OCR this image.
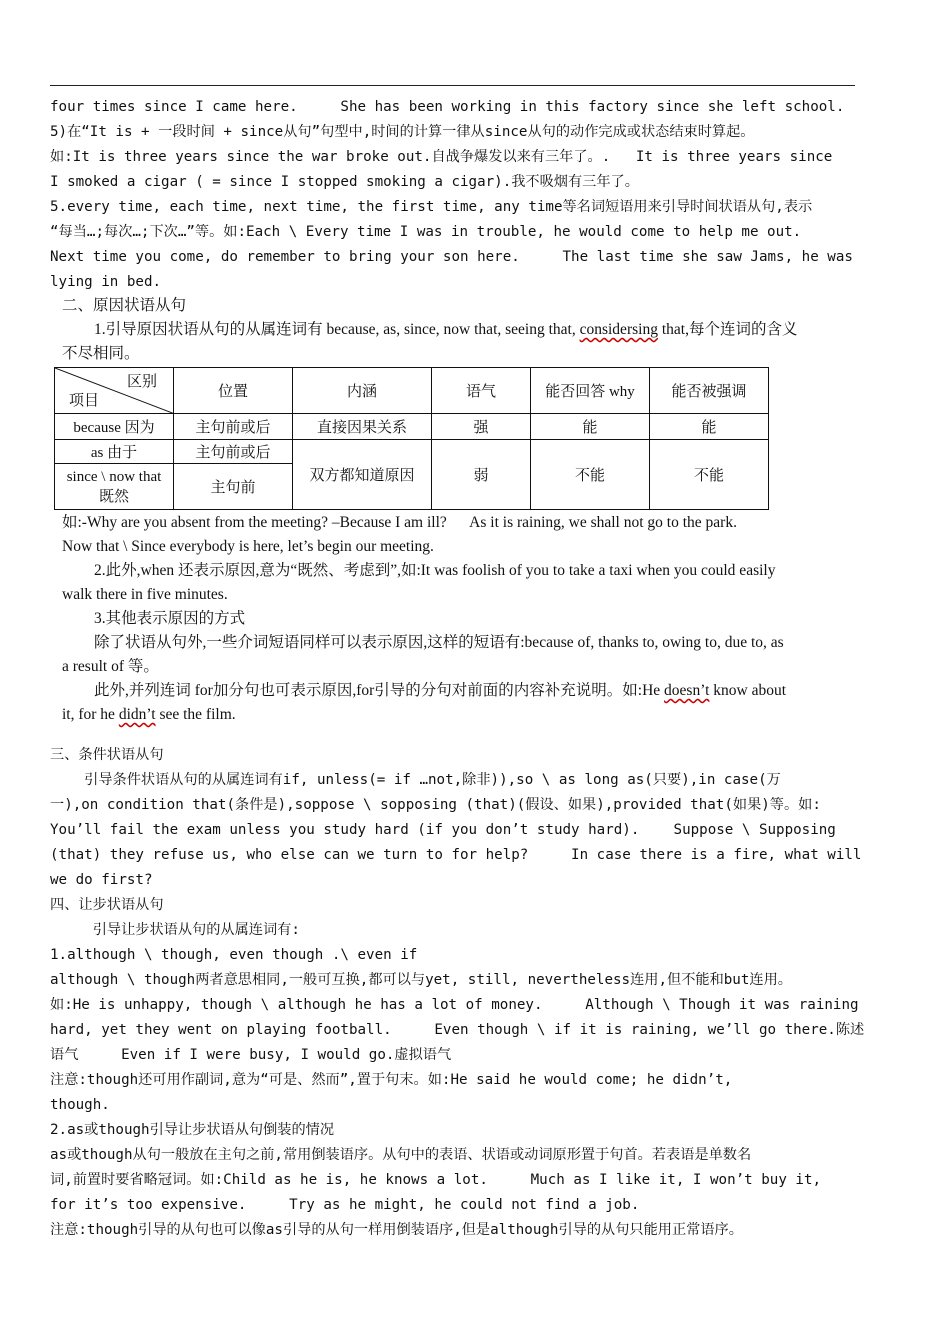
four times since I came here.     She has been working in this factory since she left school.
5)在“It is + 一段时间 + since从句”句型中,时间的计算一律从since从句的动作完成或状态结束时算起。
如:It is three years since the war broke out.自战争爆发以来有三年了。.   It is three years since
I smoked a cigar ( = since I stopped smoking a cigar).我不吸烟有三年了。
5.every time, each time, next time, the first time, any time等名词短语用来引导时间状语从句,表示
“每当…;每次…;下次…”等。如:Each \ Every time I was in trouble, he would come to help me out.
Next time you come, do remember to bring your son here.     The last time she saw Jams, he was
lying in bed.
二、原因状语从句
1.引导原因状语从句的从属连词有 because, as, since, now that, seeing that, considersing that,每个连词的含义
不尽相同。
区别
项目	位置	内涵	语气	能否回答 why	能否被强调
because 因为	主句前或后	直接因果关系	强	能	能
as 由于	主句前或后	双方都知道原因	弱	不能	不能
since \ now that
既然	主句前				
如:-Why are you absent from the meeting? –Because I am ill?      As it is raining, we shall not go to the park.
Now that \ Since everybody is here, let’s begin our meeting.
2.此外,when 还表示原因,意为“既然、考虑到”,如:It was foolish of you to take a taxi when you could easily
walk there in five minutes.
3.其他表示原因的方式
除了状语从句外,一些介词短语同样可以表示原因,这样的短语有:because of, thanks to, owing to, due to, as
a result of 等。
此外,并列连词 for加分句也可表示原因,for引导的分句对前面的内容补充说明。如:He doesn’t know about
it, for he didn’t see the film.
三、条件状语从句
引导条件状语从句的从属连词有if, unless(= if …not,除非)),so \ as long as(只要),in case(万
一),on condition that(条件是),soppose \ sopposing (that)(假设、如果),provided that(如果)等。如:
You’ll fail the exam unless you study hard (if you don’t study hard).    Suppose \ Supposing
(that) they refuse us, who else can we turn to for help?     In case there is a fire, what will
we do first?
四、让步状语从句
引导让步状语从句的从属连词有:
1.although \ though, even though .\ even if
although \ though两者意思相同,一般可互换,都可以与yet, still, nevertheless连用,但不能和but连用。
如:He is unhappy, though \ although he has a lot of money.     Although \ Though it was raining
hard, yet they went on playing football.     Even though \ if it is raining, we’ll go there.陈述
语气     Even if I were busy, I would go.虚拟语气
注意:though还可用作副词,意为“可是、然而”,置于句末。如:He said he would come; he didn’t,
though.
2.as或though引导让步状语从句倒装的情况
as或though从句一般放在主句之前,常用倒装语序。从句中的表语、状语或动词原形置于句首。若表语是单数名
词,前置时要省略冠词。如:Child as he is, he knows a lot.     Much as I like it, I won’t buy it,
for it’s too expensive.     Try as he might, he could not find a job.
注意:though引导的从句也可以像as引导的从句一样用倒装语序,但是although引导的从句只能用正常语序。
